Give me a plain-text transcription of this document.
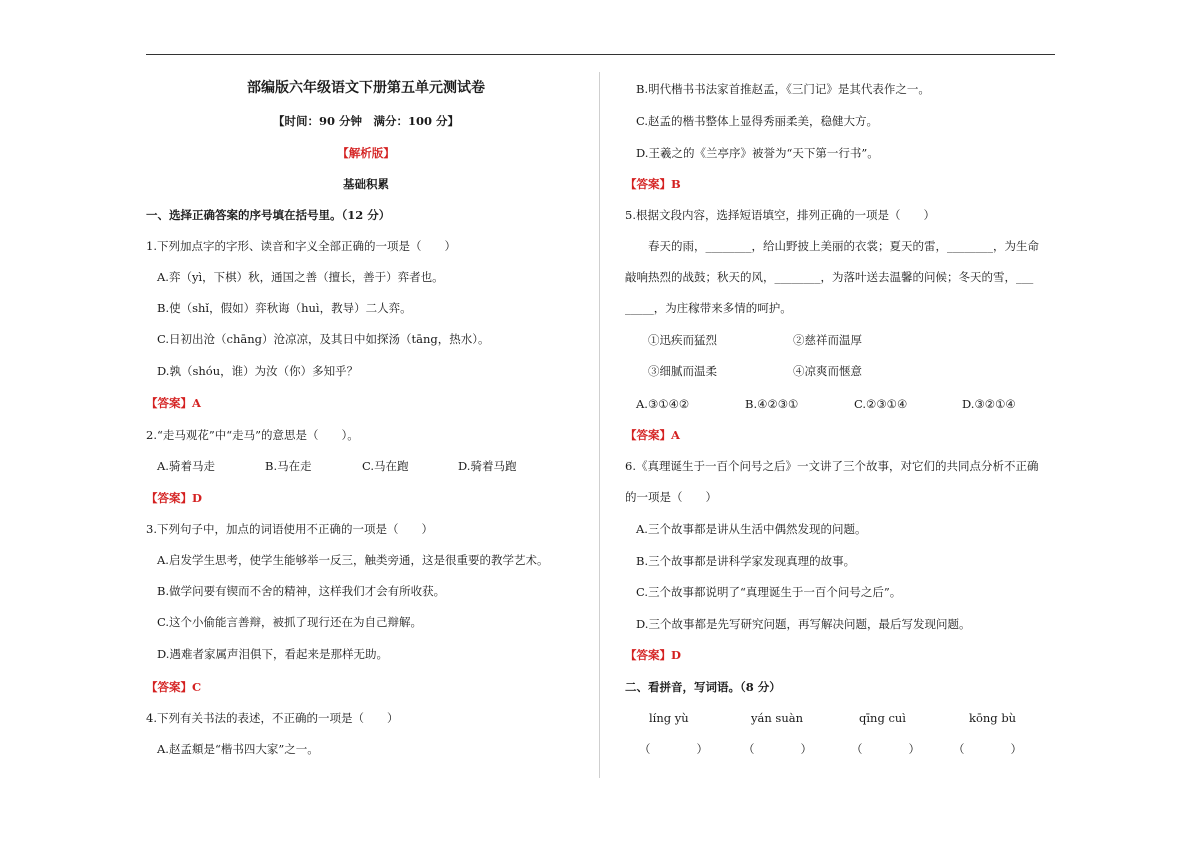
部编版六年级语文下册第五单元测试卷
【时间：90 分钟　满分：100 分】
【解析版】
基础积累
一、选择正确答案的序号填在括号里。（12 分）
1.下列加点字的字形、读音和字义全部正确的一项是（　　）
A.弈（yì，下棋）秋，通国之善（擅长，善于）弈者也。
B.使（shǐ，假如）弈秋诲（huì，教导）二人弈。
C.日初出沧（chāng）沧凉凉，及其日中如探汤（tāng，热水）。
D.孰（shóu，谁）为汝（你）多知乎？
【答案】A
2.“走马观花”中“走马”的意思是（　　）。
A.骑着马走	B.马在走	C.马在跑	D.骑着马跑
【答案】D
3.下列句子中，加点的词语使用不正确的一项是（　　）
A.启发学生思考，使学生能够举一反三，触类旁通，这是很重要的教学艺术。
B.做学问要有锲而不舍的精神，这样我们才会有所收获。
C.这个小偷能言善辩，被抓了现行还在为自己辩解。
D.遇难者家属声泪俱下，看起来是那样无助。
【答案】C
4.下列有关书法的表述，不正确的一项是（　　）
A.赵孟頫是“楷书四大家”之一。
B.明代楷书书法家首推赵孟，《三门记》是其代表作之一。
C.赵孟的楷书整体上显得秀丽柔美，稳健大方。
D.王羲之的《兰亭序》被誉为“天下第一行书”。
【答案】B
5.根据文段内容，选择短语填空，排列正确的一项是（　　）
春天的雨，________，给山野披上美丽的衣裳；夏天的雷，________，为生命
敲响热烈的战鼓；秋天的风，________，为落叶送去温馨的问候；冬天的雪，___
_____，为庄稼带来多情的呵护。
①迅疾而猛烈	②慈祥而温厚
③细腻而温柔	④凉爽而惬意
A.③①④②	B.④②③①	C.②③①④	D.③②①④
【答案】A
6.《真理诞生于一百个问号之后》一文讲了三个故事，对它们的共同点分析不正确
的一项是（　　）
A.三个故事都是讲从生活中偶然发现的问题。
B.三个故事都是讲科学家发现真理的故事。
C.三个故事都说明了“真理诞生于一百个问号之后”。
D.三个故事都是先写研究问题，再写解决问题，最后写发现问题。
【答案】D
二、看拼音，写词语。（8 分）
líng yù	yán suàn	qīng cuì	kōng bù
（　　　　）	（　　　　）	（　　　　）	（　　　　）
